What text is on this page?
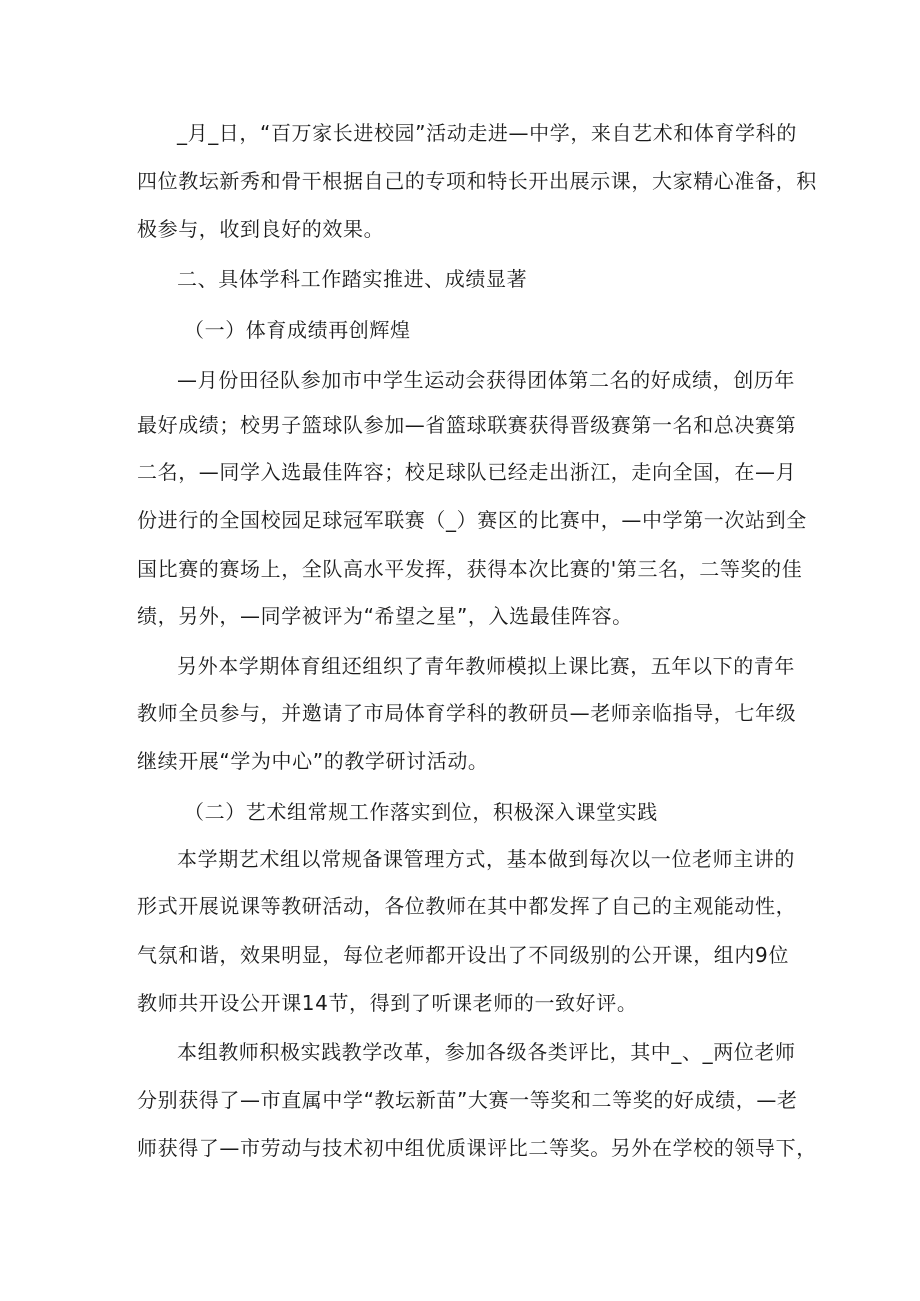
_月_日，“百万家长进校园”活动走进—中学，来自艺术和体育学科的
四位教坛新秀和骨干根据自己的专项和特长开出展示课，大家精心准备，积
极参与，收到良好的效果。
二、具体学科工作踏实推进、成绩显著
（一）体育成绩再创辉煌
—月份田径队参加市中学生运动会获得团体第二名的好成绩，创历年
最好成绩；校男子篮球队参加—省篮球联赛获得晋级赛第一名和总决赛第
二名，—同学入选最佳阵容；校足球队已经走出浙江，走向全国，在—月
份进行的全国校园足球冠军联赛（_）赛区的比赛中，—中学第一次站到全
国比赛的赛场上，全队高水平发挥，获得本次比赛的'第三名，二等奖的佳
绩，另外，—同学被评为“希望之星”，入选最佳阵容。
另外本学期体育组还组织了青年教师模拟上课比赛，五年以下的青年
教师全员参与，并邀请了市局体育学科的教研员—老师亲临指导，七年级
继续开展“学为中心”的教学研讨活动。
（二）艺术组常规工作落实到位，积极深入课堂实践
本学期艺术组以常规备课管理方式，基本做到每次以一位老师主讲的
形式开展说课等教研活动，各位教师在其中都发挥了自己的主观能动性，
气氛和谐，效果明显，每位老师都开设出了不同级别的公开课，组内9位
教师共开设公开课14节，得到了听课老师的一致好评。
本组教师积极实践教学改革，参加各级各类评比，其中_、_两位老师
分别获得了—市直属中学“教坛新苗”大赛一等奖和二等奖的好成绩，—老
师获得了—市劳动与技术初中组优质课评比二等奖。另外在学校的领导下，
